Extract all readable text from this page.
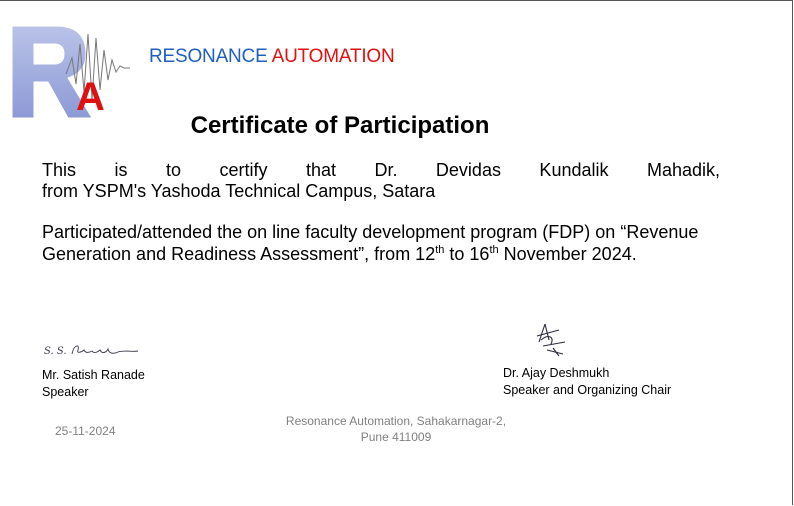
A
RESONANCE AUTOMATION
Certificate of Participation
This is to certify that Dr. Devidas Kundalik Mahadik,
from YSPM's Yashoda Technical Campus, Satara
Participated/attended the on line faculty development program (FDP) on “Revenue Generation and Readiness Assessment”, from 12th to 16th November 2024.
S. S.
Mr. Satish Ranade
Speaker
Dr. Ajay Deshmukh
Speaker and Organizing Chair
25-11-2024
Resonance Automation, Sahakarnagar-2,
Pune 411009
